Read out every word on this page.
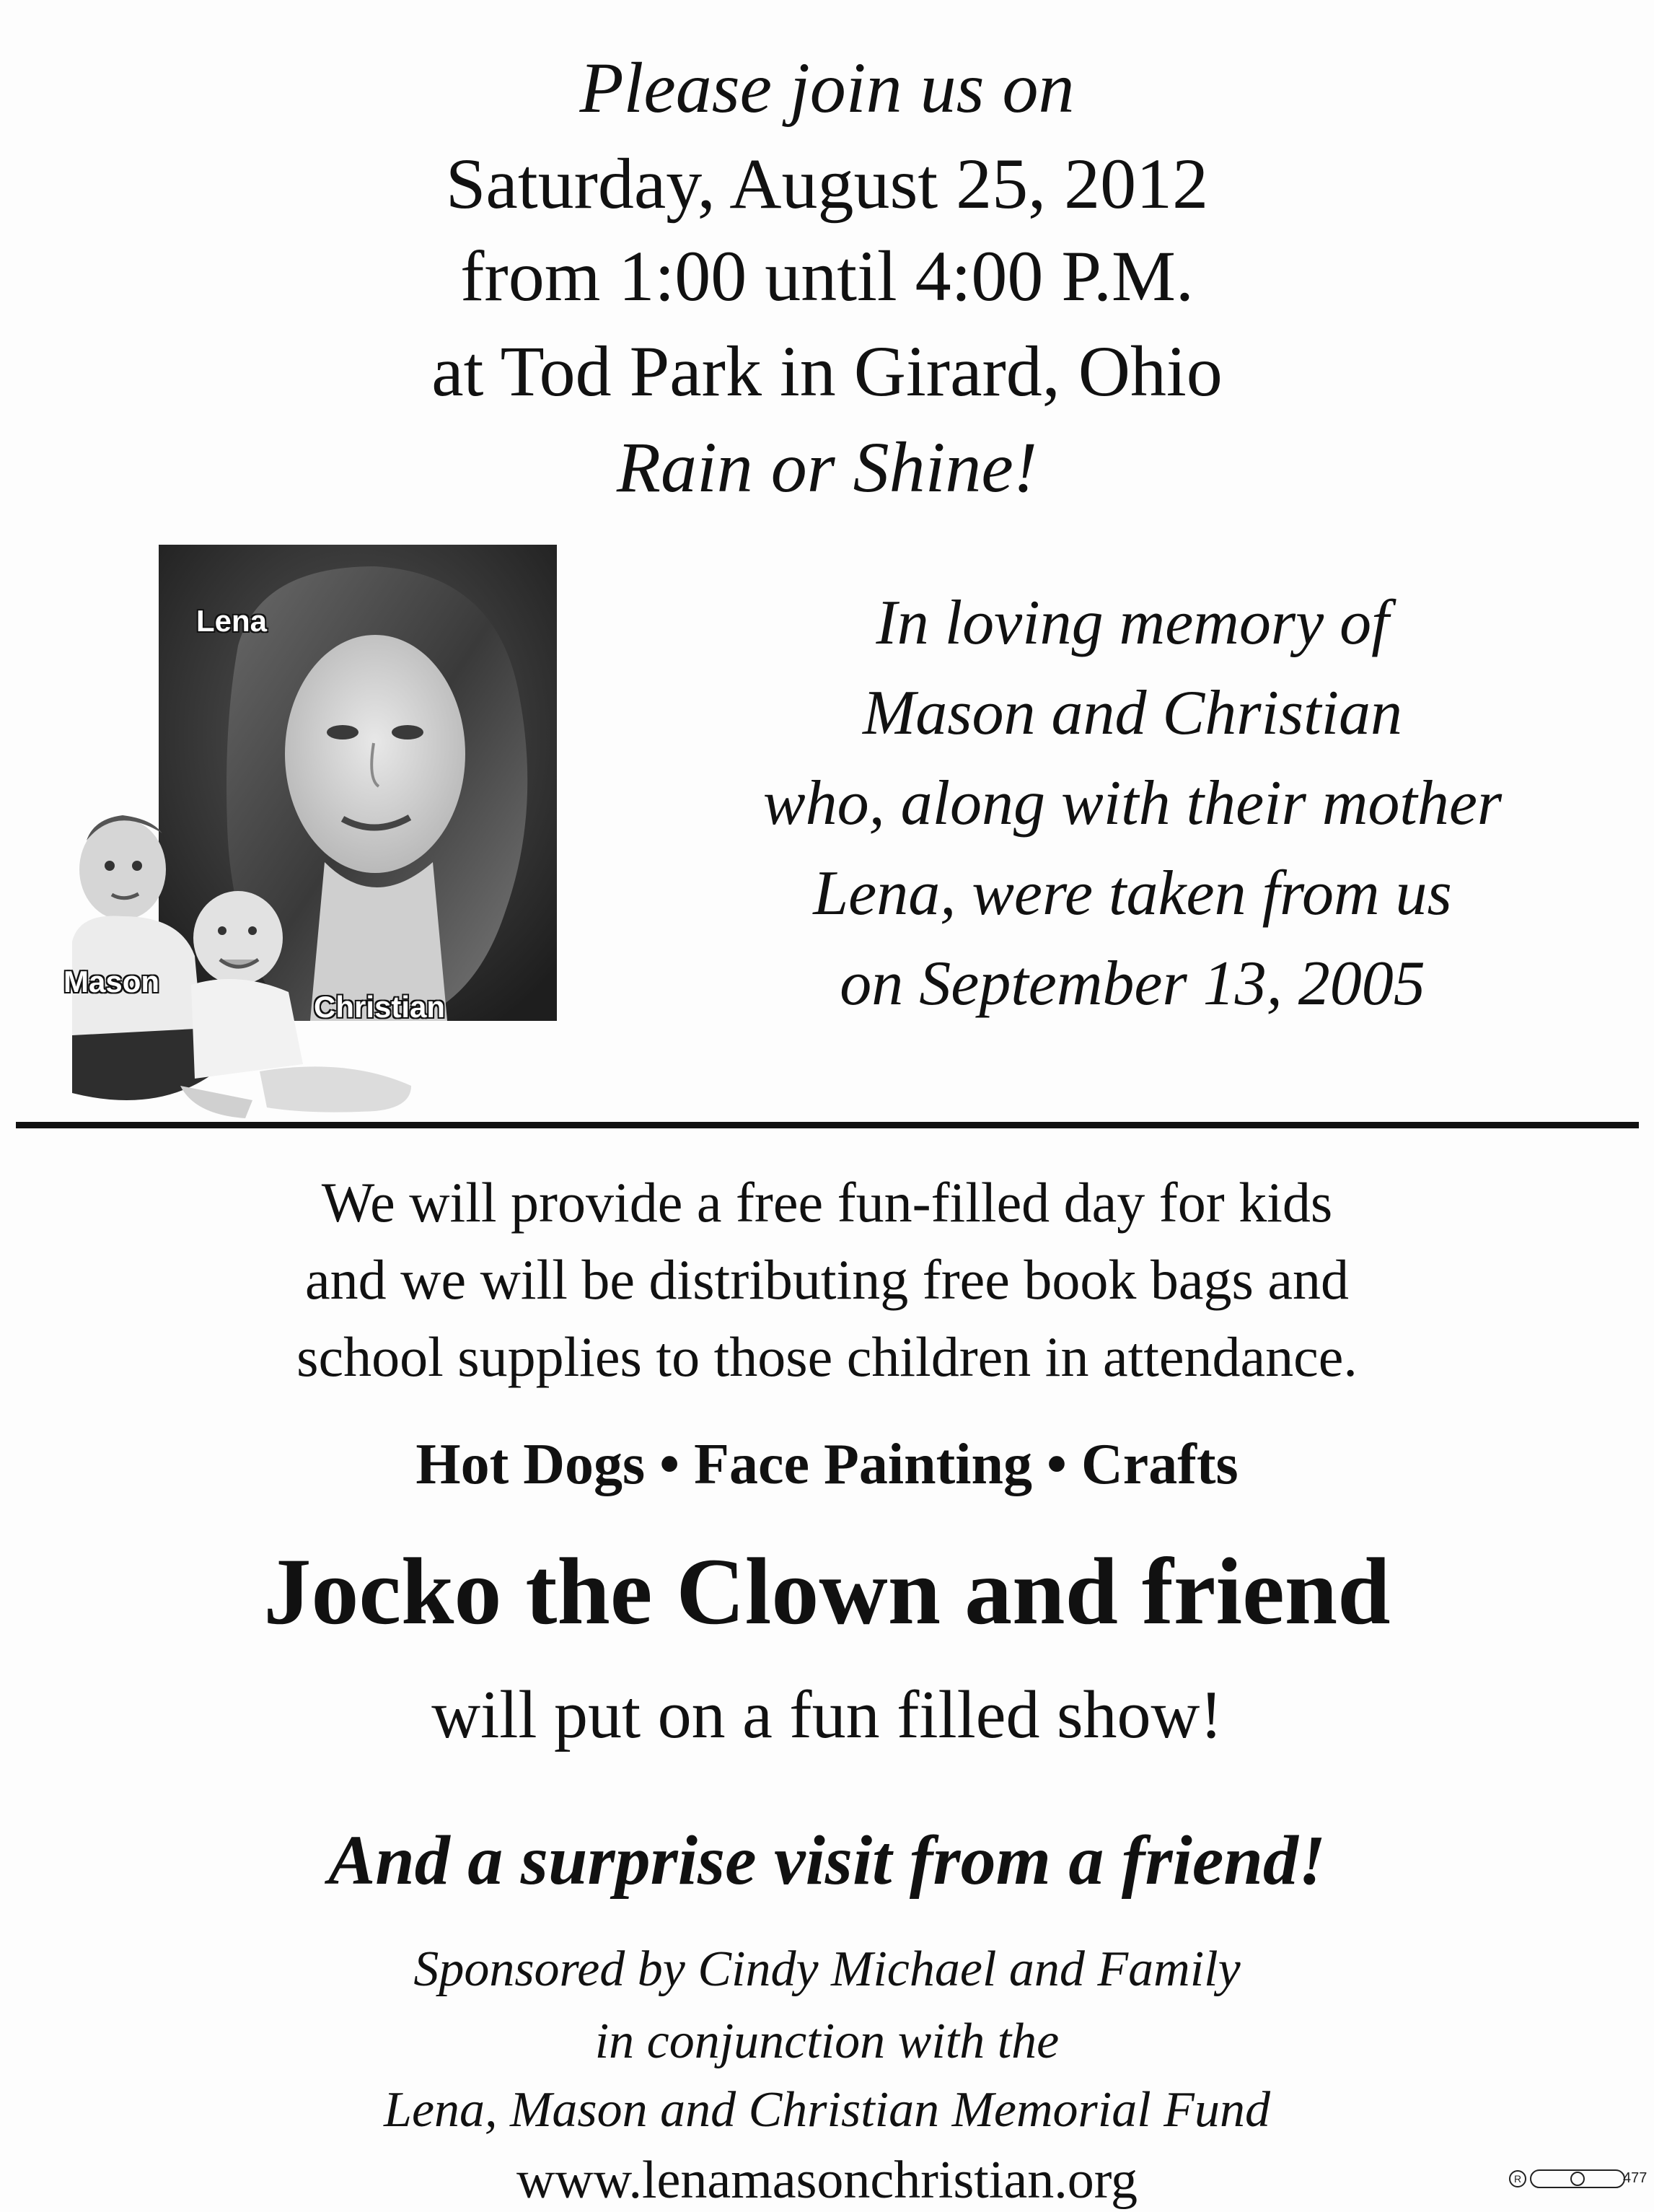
Please join us on
Saturday, August 25, 2012
from 1:00 until 4:00 P.M.
at Tod Park in Girard, Ohio
Rain or Shine!
Lena
Mason
Christian
In loving memory of
Mason and Christian
who, along with their mother
Lena, were taken from us
on September 13, 2005
We will provide a free fun-filled day for kids
and we will be distributing free book bags and
school supplies to those children in attendance.
Hot Dogs • Face Painting • Crafts
Jocko the Clown and friend
will put on a fun filled show!
And a surprise visit from a friend!
Sponsored by Cindy Michael and Family
in conjunction with the
Lena, Mason and Christian Memorial Fund
www.lenamasonchristian.org	R	477
